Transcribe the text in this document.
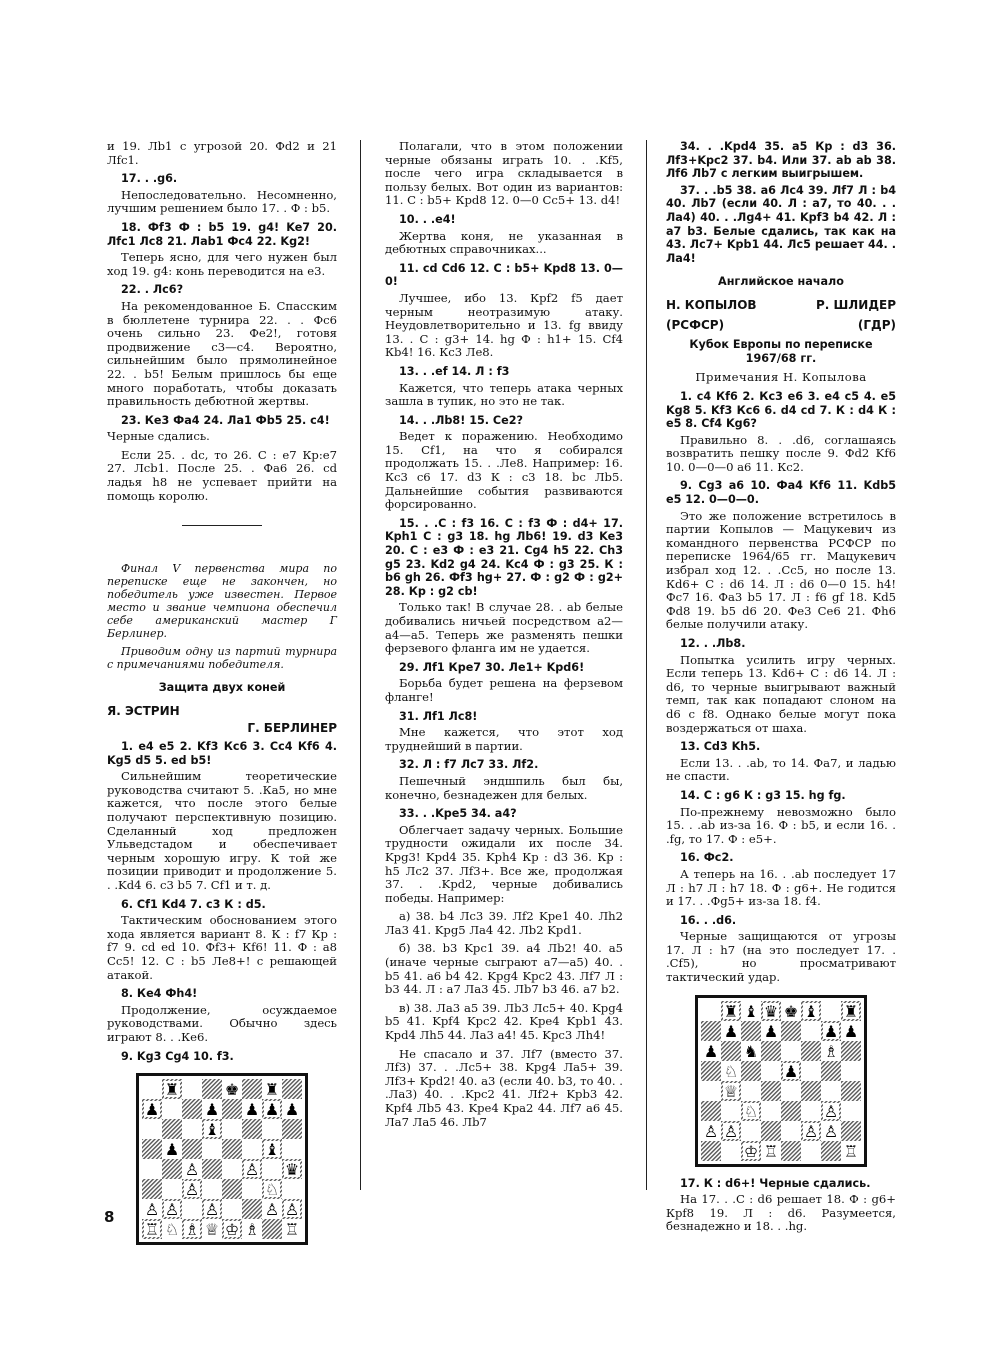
и 19. Лb1 с угрозой 20. Фd2 и 21 Лfc1.

17. . .g6.

Непоследовательно. Несомненно, лучшим решением было 17. . Ф : b5.

18. Фf3 Ф : b5 19. g4! Ke7 20. Лfc1 Лс8 21. Лаb1 Фс4 22. Kg2!

Теперь ясно, для чего нужен был ход 19. g4: конь переводится на е3.

22. . Лс6?

На рекомендованное Б. Спасским в бюллетене турнира 22. . . Фс6 очень сильно 23. Фе2!, готовя продвижение с3—с4. Вероятно, сильнейшим было прямолинейное 22. . b5! Белым пришлось бы еще много поработать, чтобы доказать правильность дебютной жертвы.

23. Ке3 Фа4 24. Ла1 Фb5 25. с4!

Черные сдались.

Если 25. . dc, то 26. С : е7 Кр:е7 27. Лcb1. После 25. . Фа6 26. cd ладья h8 не успевает прийти на помощь королю.

Финал V первенства мира по переписке еще не закончен, но победитель уже известен. Первое место и звание чемпиона обеспечил себе американский мастер Г Берлинер.

Приводим одну из партий турнира с примечаниями победителя.

Защита двух коней
Я. ЭСТРИН
Г. БЕРЛИНЕР

1. е4 е5 2. Kf3 Кс6 3. Сс4 Кf6 4. Kg5 d5 5. ed b5!

Сильнейшим теоретические руководства считают 5. .Ка5, но мне кажется, что после этого белые получают перспективную позицию. Сделанный ход предложен Ульведстадом и обеспечивает черным хорошую игру. К той же позиции приводит и продолжение 5. . .Kd4 6. c3 b5 7. Cf1 и т. д.

6. Cf1 Kd4 7. c3 К : d5.

Тактическим обоснованием этого хода является вариант 8. К : f7 Кр : f7 9. cd ed 10. Фf3+ Кf6! 11. Ф : а8 Сс5! 12. С : b5 Ле8+! с решающей атакой.

8. Ке4 Фh4!

Продолжение, осуждаемое руководствами. Обычно здесь играют 8. . .Ке6.

9. Kg3 Cg4 10. f3.

♜	♚ ♜
♟	♟ ♟ ♟ ♟
♝
♟	♝
♙	♙ ♛
♙	♘
♙ ♙ ♙	♙ ♙
♖ ♘ ♗ ♕ ♔ ♗ ♖

Полагали, что в этом положении черные обязаны играть 10. . .Kf5, после чего игра складывается в пользу белых. Вот один из вариантов: 11. С : b5+ Кpd8 12. 0—0 Сс5+ 13. d4!

10. . .е4!

Жертва коня, не указанная в дебютных справочниках...

11. cd Cd6 12. C : b5+ Kpd8 13. 0—0!

Лучшее, ибо 13. Кpf2 f5 дает черным неотразимую атаку. Неудовлетворительно и 13. fg ввиду 13. . С : g3+ 14. hg Ф : h1+ 15. Cf4 Кb4! 16. Кс3 Ле8.

13. . .ef 14. Л : f3

Кажется, что теперь атака черных зашла в тупик, но это не так.

14. . .Лb8! 15. Се2?

Ведет к поражению. Необходимо 15. Cf1, на что я собирался продолжать 15. . .Ле8. Например: 16. Кс3 с6 17. d3 К : с3 18. bc Лb5. Дальнейшие события развиваются форсированно.

15. . .С : f3 16. С : f3 Ф : d4+ 17. Kph1 С : g3 18. hg Лb6! 19. d3 Ke3 20. C : e3 Ф : e3 21. Cg4 h5 22. Ch3 g5 23. Kd2 g4 24. Kc4 Ф : g3 25. К : b6 gh 26. Фf3 hg+ 27. Ф : g2 Ф : g2+ 28. Кр : g2 cb!

Только так! В случае 28. . ab белые добивались ничьей посредством а2—а4—а5. Теперь же разменять пешки ферзевого фланга им не удается.

29. Лf1 Кре7 30. Ле1+ Kpd6!

Борьба будет решена на ферзевом фланге!

31. Лf1 Лс8!

Мне кажется, что этот ход труднейший в партии.

32. Л : f7 Лс7 33. Лf2.

Пешечный эндшпиль был бы, конечно, безнадежен для белых.

33. . .Kре5 34. а4?

Облегчает задачу черных. Большие трудности ожидали их после 34. Kрg3! Kpd4 35. Kph4 Кр : d3 36. Кр : h5 Лс2 37. Лf3+. Все же, продолжая 37. . .Kpd2, черные добивались победы. Например:

а) 38. b4 Лс3 39. Лf2 Kре1 40. Лh2 Ла3 41. Kpg5 Ла4 42. Лb2 Kpd1.

б) 38. b3 Kрс1 39. а4 Лb2! 40. а5 (иначе черные сыграют а7—а5) 40. . b5 41. а6 b4 42. Kpg4 Kpc2 43. Лf7 Л : b3 44. Л : а7 Ла3 45. Лb7 b3 46. а7 b2.

в) 38. Ла3 а5 39. Лb3 Лс5+ 40. Kpg4 b5 41. Kpf4 Kpc2 42. Kре4 Kpb1 43. Kpd4 Лh5 44. Ла3 а4! 45. Kpc3 Лh4!

Не спасало и 37. Лf7 (вместо 37. Лf3) 37. . .Лс5+ 38. Kpg4 Ла5+ 39. Лf3+ Kpd2! 40. а3 (если 40. b3, то 40. . .Ла3) 40. . .Kрс2 41. Лf2+ Kpb3 42. Kpf4 Лb5 43. Kpe4 Kpa2 44. Лf7 а6 45. Ла7 Ла5 46. Лb7

34. . .Kpd4 35. а5 Кр : d3 36. Лf3+Kрс2 37. b4. Или 37. ab ab 38. Лf6 Лb7 с легким выигрышем.

37. . .b5 38. а6 Лс4 39. Лf7 Л : b4 40. Лb7 (если 40. Л : а7, то 40. . . Ла4) 40. . .Лg4+ 41. Kpf3 b4 42. Л : а7 b3. Белые сдались, так как на 43. Лс7+ Kpb1 44. Лс5 решает 44. . Ла4!

Английское начало
Н. КОПЫЛОВ	Р. ШЛИДЕР
(РСФСР)	(ГДР)
Кубок Европы по переписке 1967/68 гг.

Примечания Н. Копылова

1. с4 Кf6 2. Кс3 е6 3. е4 с5 4. е5 Kg8 5. Kf3 Кс6 6. d4 cd 7. К : d4 К : е5 8. Cf4 Kg6?

Правильно 8. . .d6, соглашаясь возвратить пешку после 9. Фd2 Kf6 10. 0—0—0 а6 11. Кс2.

9. Cg3 а6 10. Фа4 Кf6 11. Kdb5 е5 12. 0—0—0.

Это же положение встретилось в партии Копылов — Мацукевич из командного первенства РСФСР по переписке 1964/65 гг. Мацукевич избрал ход 12. . .Сс5, но после 13. Кd6+ С : d6 14. Л : d6 0—0 15. h4! Фс7 16. Фа3 b5 17. Л : f6 gf 18. Kd5 Фd8 19. b5 d6 20. Фе3 Се6 21. Фh6 белые получили атаку.

12. . .Лb8.

Попытка усилить игру черных. Если теперь 13. Kd6+ С : d6 14. Л : d6, то черные выигрывают важный темп, так как попадают слоном на d6 с f8. Однако белые могут пока воздержаться от шаха.

13. Cd3 Kh5.

Если 13. . .ab, то 14. Фа7, и ладью не спасти.

14. С : g6 К : g3 15. hg fg.

По-прежнему невозможно было 15. . .ab из-за 16. Ф : b5, и если 16. . .fg, то 17. Ф : е5+.

16. Фс2.

А теперь на 16. . .ab последует 17 Л : h7 Л : h7 18. Ф : g6+. Не годится и 17. . .Фg5+ из-за 18. f4.

16. . .d6.

Черные защищаются от угрозы 17. Л : h7 (на это последует 17. . .Cf5), но просматривают тактический удар.

♜ ♝ ♛ ♚ ♝ ♜
♟ ♟	♟ ♟
♟ ♞	♗
♘	♟
♕
♘	♙
♙ ♙	♙ ♙
♔ ♖	♖

17. К : d6+! Черные сдались.

На 17. . .С : d6 решает 18. Ф : g6+ Кpf8 19. Л : d6. Разумеется, безнадежно и 18. . .hg.

8
